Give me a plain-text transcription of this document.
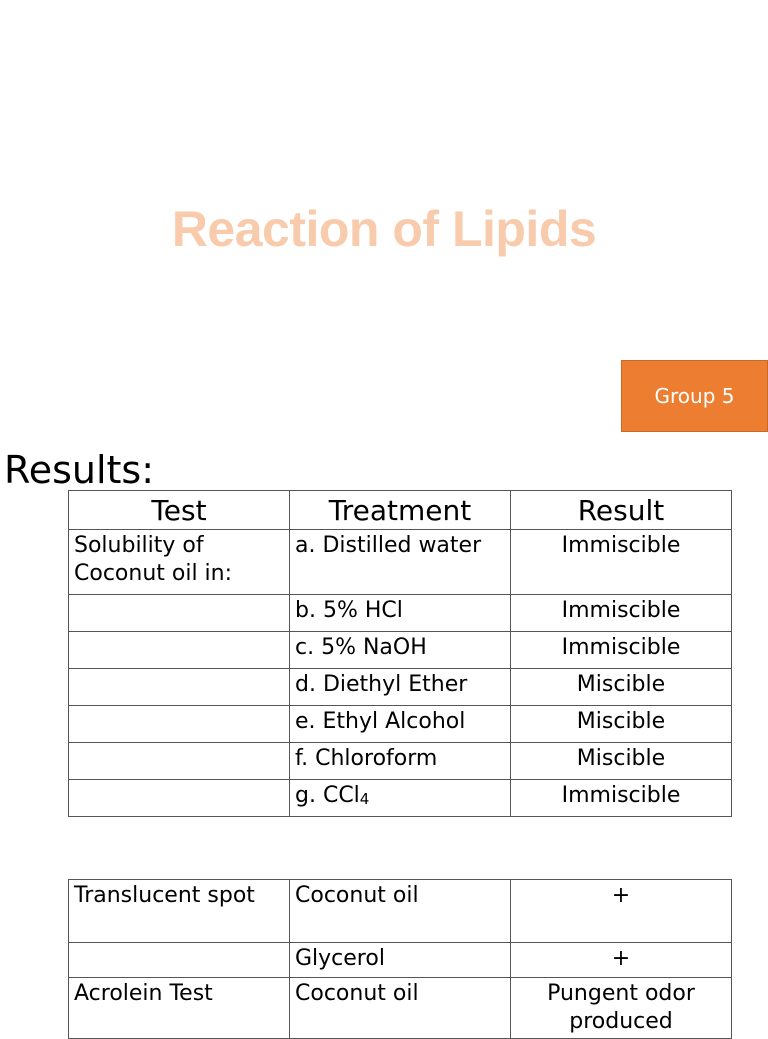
Reaction of Lipids
Group 5
Results:
Test	Treatment	Result
Solubility of Coconut oil in:	a. Distilled water	Immiscible
	b. 5% HCl	Immiscible
	c. 5% NaOH	Immiscible
	d. Diethyl Ether	Miscible
	e. Ethyl Alcohol	Miscible
	f. Chloroform	Miscible
	g. CCl$_4$	Immiscible
Translucent spot	Coconut oil	+
	Glycerol	+
Acrolein Test	Coconut oil	Pungent odor produced
